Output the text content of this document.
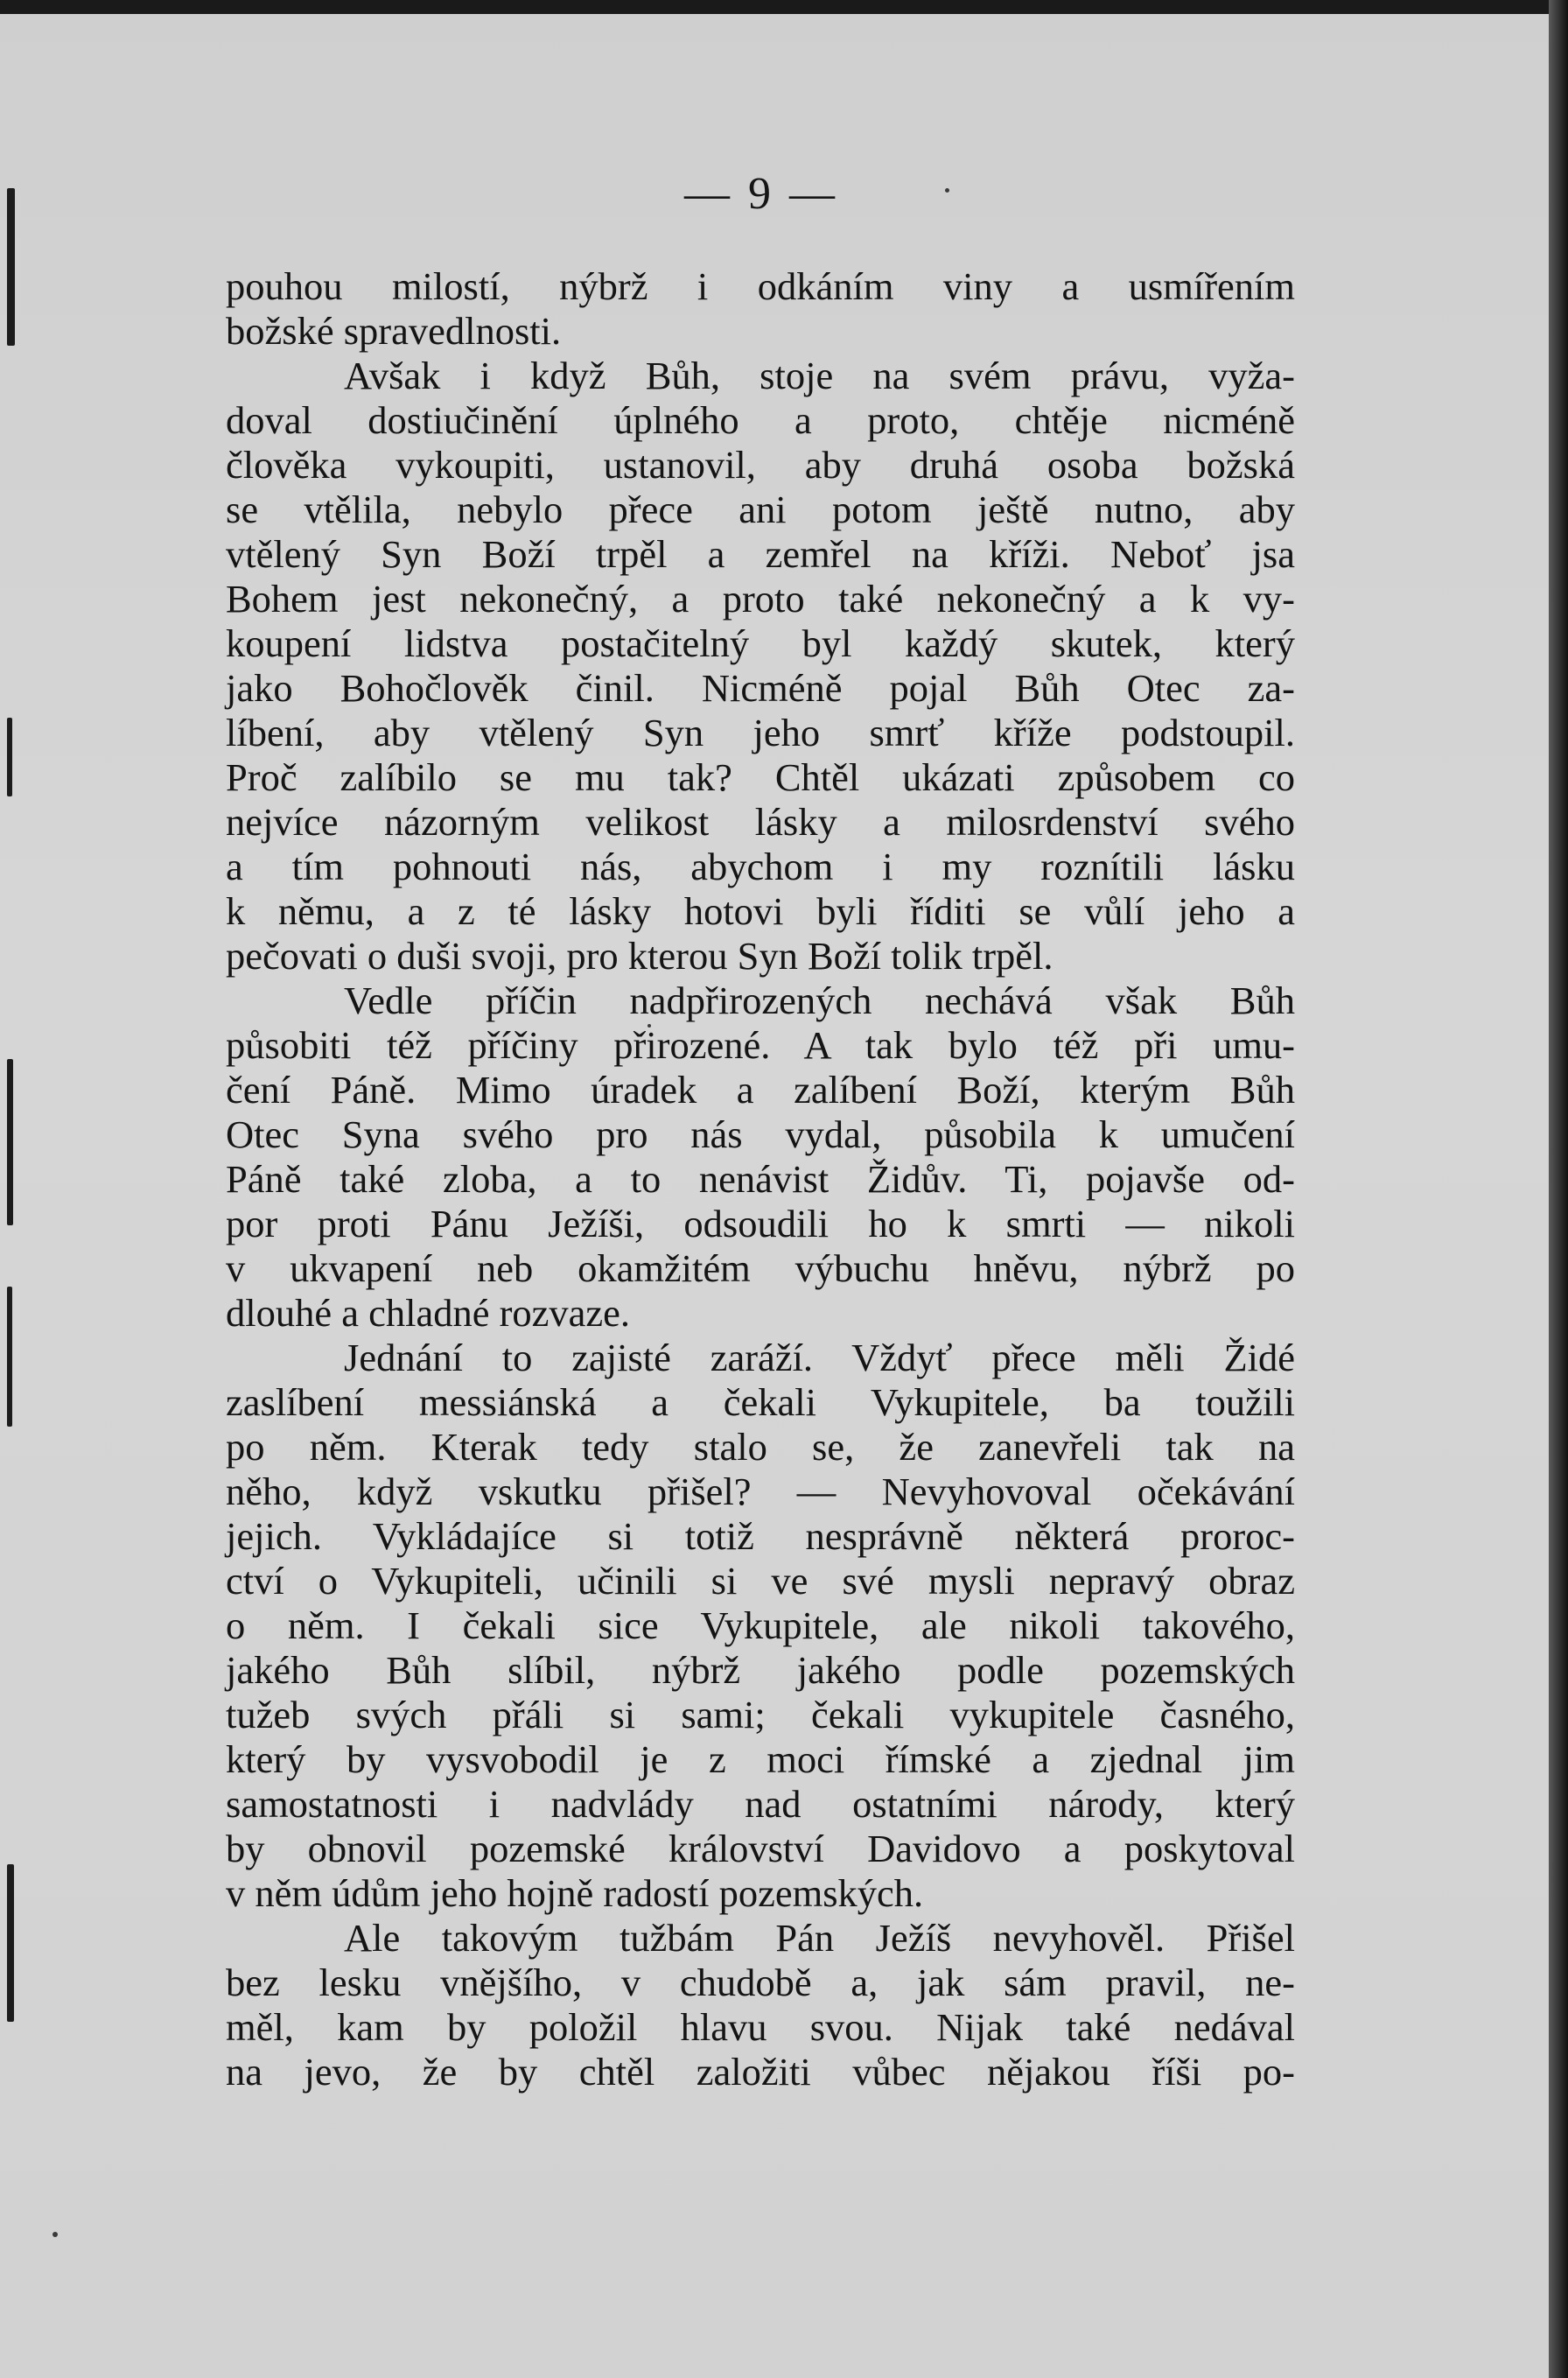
— 9 —
pouhou milostí, nýbrž i odkáním viny a usmířením
božské spravedlnosti.
Avšak i když Bůh, stoje na svém právu, vyža-
doval dostiučinění úplného a proto, chtěje nicméně
člověka vykoupiti, ustanovil, aby druhá osoba božská
se vtělila, nebylo přece ani potom ještě nutno, aby
vtělený Syn Boží trpěl a zemřel na kříži. Neboť jsa
Bohem jest nekonečný, a proto také nekonečný a k vy-
koupení lidstva postačitelný byl každý skutek, který
jako Bohočlověk činil. Nicméně pojal Bůh Otec za-
líbení, aby vtělený Syn jeho smrť kříže podstoupil.
Proč zalíbilo se mu tak? Chtěl ukázati způsobem co
nejvíce názorným velikost lásky a milosrdenství svého
a tím pohnouti nás, abychom i my roznítili lásku
k němu, a z té lásky hotovi byli říditi se vůlí jeho a
pečovati o duši svoji, pro kterou Syn Boží tolik trpěl.
Vedle příčin nadpřirozených nechává však Bůh
působiti též příčiny přirozené. A tak bylo též při umu-
čení Páně. Mimo úradek a zalíbení Boží, kterým Bůh
Otec Syna svého pro nás vydal, působila k umučení
Páně také zloba, a to nenávist Židův. Ti, pojavše od-
por proti Pánu Ježíši, odsoudili ho k smrti — nikoli
v ukvapení neb okamžitém výbuchu hněvu, nýbrž po
dlouhé a chladné rozvaze.
Jednání to zajisté zaráží. Vždyť přece měli Židé
zaslíbení messiánská a čekali Vykupitele, ba toužili
po něm. Kterak tedy stalo se, že zanevřeli tak na
něho, když vskutku přišel? — Nevyhovoval očekávání
jejich. Vykládajíce si totiž nesprávně některá proroc-
ctví o Vykupiteli, učinili si ve své mysli nepravý obraz
o něm. I čekali sice Vykupitele, ale nikoli takového,
jakého Bůh slíbil, nýbrž jakého podle pozemských
tužeb svých přáli si sami; čekali vykupitele časného,
který by vysvobodil je z moci římské a zjednal jim
samostatnosti i nadvlády nad ostatními národy, který
by obnovil pozemské království Davidovo a poskytoval
v něm údům jeho hojně radostí pozemských.
Ale takovým tužbám Pán Ježíš nevyhověl. Přišel
bez lesku vnějšího, v chudobě a, jak sám pravil, ne-
měl, kam by položil hlavu svou. Nijak také nedával
na jevo, že by chtěl založiti vůbec nějakou říši po-
